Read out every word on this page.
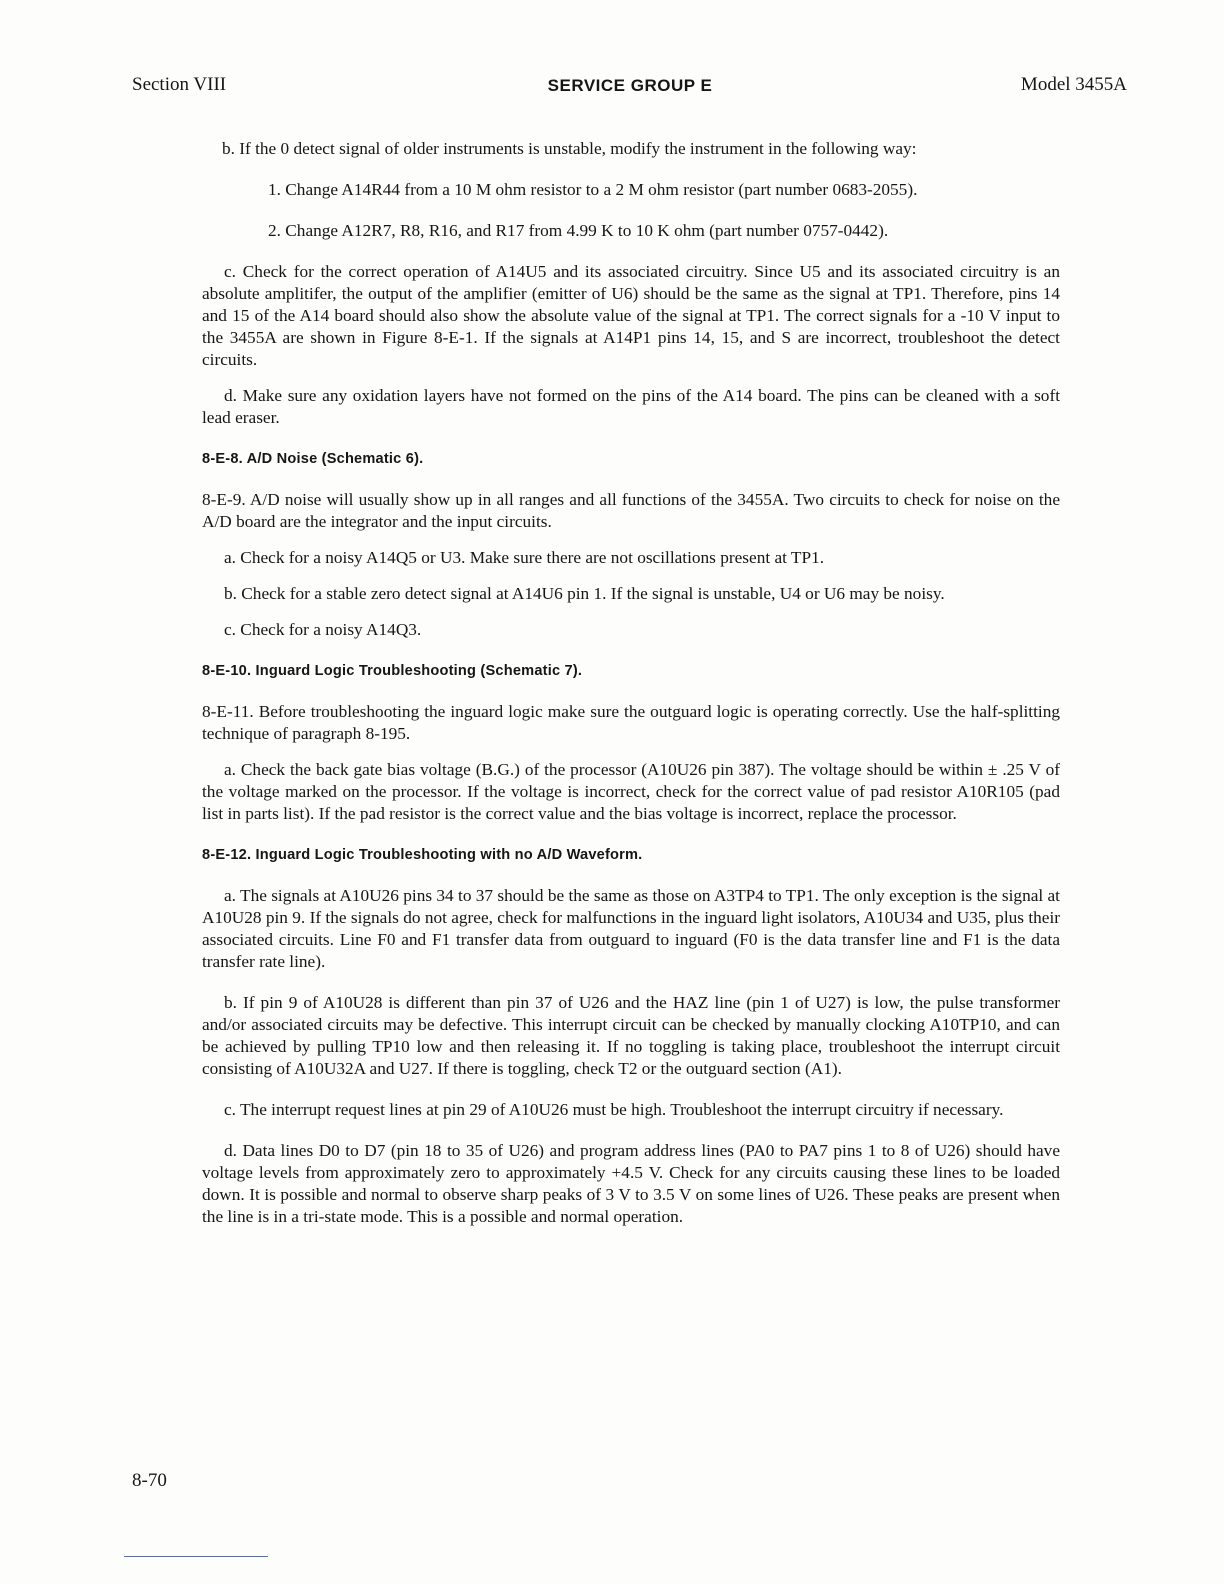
Section VIII	SERVICE GROUP E	Model 3455A

b. If the 0 detect signal of older instruments is unstable, modify the instrument in the following way:

1. Change A14R44 from a 10 M ohm resistor to a 2 M ohm resistor (part number 0683-2055).

2. Change A12R7, R8, R16, and R17 from 4.99 K to 10 K ohm (part number 0757-0442).

c. Check for the correct operation of A14U5 and its associated circuitry. Since U5 and its associated circuitry is an absolute amplitifer, the output of the amplifier (emitter of U6) should be the same as the signal at TP1. Therefore, pins 14 and 15 of the A14 board should also show the absolute value of the signal at TP1. The correct signals for a -10 V input to the 3455A are shown in Figure 8-E-1. If the signals at A14P1 pins 14, 15, and S are incorrect, troubleshoot the detect circuits.

d. Make sure any oxidation layers have not formed on the pins of the A14 board. The pins can be cleaned with a soft lead eraser.

8-E-8. A/D Noise (Schematic 6).

8-E-9. A/D noise will usually show up in all ranges and all functions of the 3455A. Two circuits to check for noise on the A/D board are the integrator and the input circuits.

a. Check for a noisy A14Q5 or U3. Make sure there are not oscillations present at TP1.

b. Check for a stable zero detect signal at A14U6 pin 1. If the signal is unstable, U4 or U6 may be noisy.

c. Check for a noisy A14Q3.

8-E-10. Inguard Logic Troubleshooting (Schematic 7).

8-E-11. Before troubleshooting the inguard logic make sure the outguard logic is operating correctly. Use the half-splitting technique of paragraph 8-195.

a. Check the back gate bias voltage (B.G.) of the processor (A10U26 pin 387). The voltage should be within ± .25 V of the voltage marked on the processor. If the voltage is incorrect, check for the correct value of pad resistor A10R105 (pad list in parts list). If the pad resistor is the correct value and the bias voltage is incorrect, replace the processor.

8-E-12. Inguard Logic Troubleshooting with no A/D Waveform.

a. The signals at A10U26 pins 34 to 37 should be the same as those on A3TP4 to TP1. The only exception is the signal at A10U28 pin 9. If the signals do not agree, check for malfunctions in the inguard light isolators, A10U34 and U35, plus their associated circuits. Line F0 and F1 transfer data from outguard to inguard (F0 is the data transfer line and F1 is the data transfer rate line).

b. If pin 9 of A10U28 is different than pin 37 of U26 and the HAZ line (pin 1 of U27) is low, the pulse transformer and/or associated circuits may be defective. This interrupt circuit can be checked by manually clocking A10TP10, and can be achieved by pulling TP10 low and then releasing it. If no toggling is taking place, troubleshoot the interrupt circuit consisting of A10U32A and U27. If there is toggling, check T2 or the outguard section (A1).

c. The interrupt request lines at pin 29 of A10U26 must be high. Troubleshoot the interrupt circuitry if necessary.

d. Data lines D0 to D7 (pin 18 to 35 of U26) and program address lines (PA0 to PA7 pins 1 to 8 of U26) should have voltage levels from approximately zero to approximately +4.5 V. Check for any circuits causing these lines to be loaded down. It is possible and normal to observe sharp peaks of 3 V to 3.5 V on some lines of U26. These peaks are present when the line is in a tri-state mode. This is a possible and normal operation.

8-70
